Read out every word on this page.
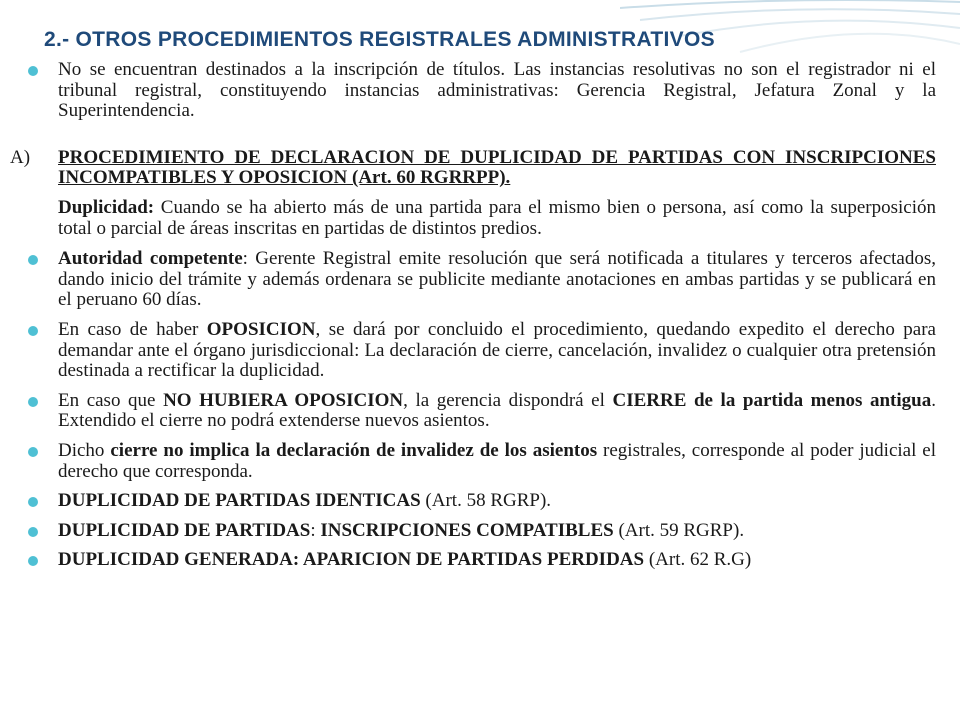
2.- OTROS PROCEDIMIENTOS REGISTRALES ADMINISTRATIVOS

No se encuentran destinados a la inscripción de títulos. Las instancias resolutivas no son el registrador ni el tribunal registral, constituyendo instancias administrativas: Gerencia Registral, Jefatura Zonal y la Superintendencia.

A) PROCEDIMIENTO DE DECLARACION DE DUPLICIDAD DE PARTIDAS CON INSCRIPCIONES INCOMPATIBLES Y OPOSICION (Art. 60 RGRRPP).

Duplicidad: Cuando se ha abierto más de una partida para el mismo bien o persona, así como la superposición total o parcial de áreas inscritas en partidas de distintos predios.

Autoridad competente: Gerente Registral emite resolución que será notificada a titulares y terceros afectados, dando inicio del trámite y además ordenara se publicite mediante anotaciones en ambas partidas y se publicará en el peruano 60 días.

En caso de haber OPOSICION, se dará por concluido el procedimiento, quedando expedito el derecho para demandar ante el órgano jurisdiccional: La declaración de cierre, cancelación, invalidez o cualquier otra pretensión destinada a rectificar la duplicidad.

En caso que NO HUBIERA OPOSICION, la gerencia dispondrá el CIERRE de la partida menos antigua. Extendido el cierre no podrá extenderse nuevos asientos.

Dicho cierre no implica la declaración de invalidez de los asientos registrales, corresponde al poder judicial el derecho que corresponda.

DUPLICIDAD DE PARTIDAS IDENTICAS (Art. 58 RGRP).

DUPLICIDAD DE PARTIDAS: INSCRIPCIONES COMPATIBLES (Art. 59 RGRP).

DUPLICIDAD GENERADA: APARICION DE PARTIDAS PERDIDAS (Art. 62 R.G)
